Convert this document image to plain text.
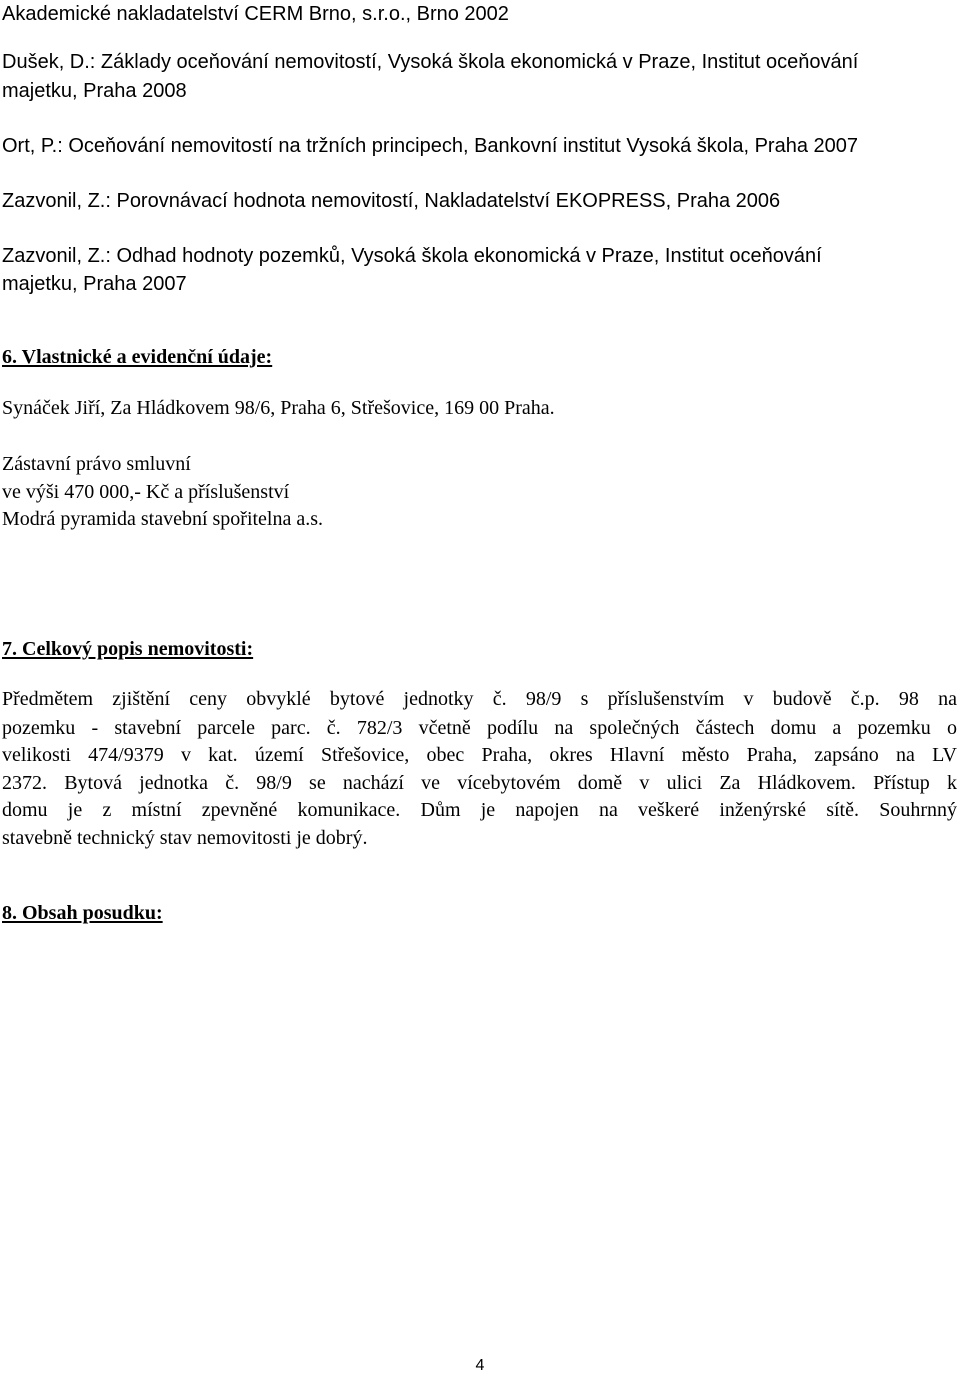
Akademické nakladatelství CERM Brno, s.r.o., Brno 2002

Dušek, D.: Základy oceňování nemovitostí, Vysoká škola ekonomická v Praze, Institut oceňování

majetku, Praha 2008

Ort, P.: Oceňování nemovitostí na tržních principech, Bankovní institut Vysoká škola, Praha 2007

Zazvonil, Z.: Porovnávací hodnota nemovitostí, Nakladatelství EKOPRESS, Praha 2006

Zazvonil, Z.: Odhad hodnoty pozemků, Vysoká škola ekonomická v Praze, Institut oceňování

majetku, Praha 2007

6. Vlastnické a evidenční údaje:

Synáček Jiří, Za Hládkovem 98/6, Praha 6, Střešovice, 169 00 Praha.

Zástavní právo smluvní

ve výši 470 000,- Kč a příslušenství

Modrá pyramida stavební spořitelna a.s.

7. Celkový popis nemovitosti:

Předmětem zjištění ceny obvyklé bytové jednotky č. 98/9 s příslušenstvím v budově č.p. 98 na

pozemku - stavební parcele parc. č. 782/3 včetně podílu na společných částech domu a pozemku o

velikosti 474/9379 v kat. území Střešovice, obec Praha, okres Hlavní město Praha, zapsáno na LV

2372. Bytová jednotka č. 98/9 se nachází ve vícebytovém domě v ulici Za Hládkovem. Přístup k

domu je z místní zpevněné komunikace. Dům je napojen na veškeré inženýrské sítě. Souhrnný

stavebně technický stav nemovitosti je dobrý.

8. Obsah posudku:

4
